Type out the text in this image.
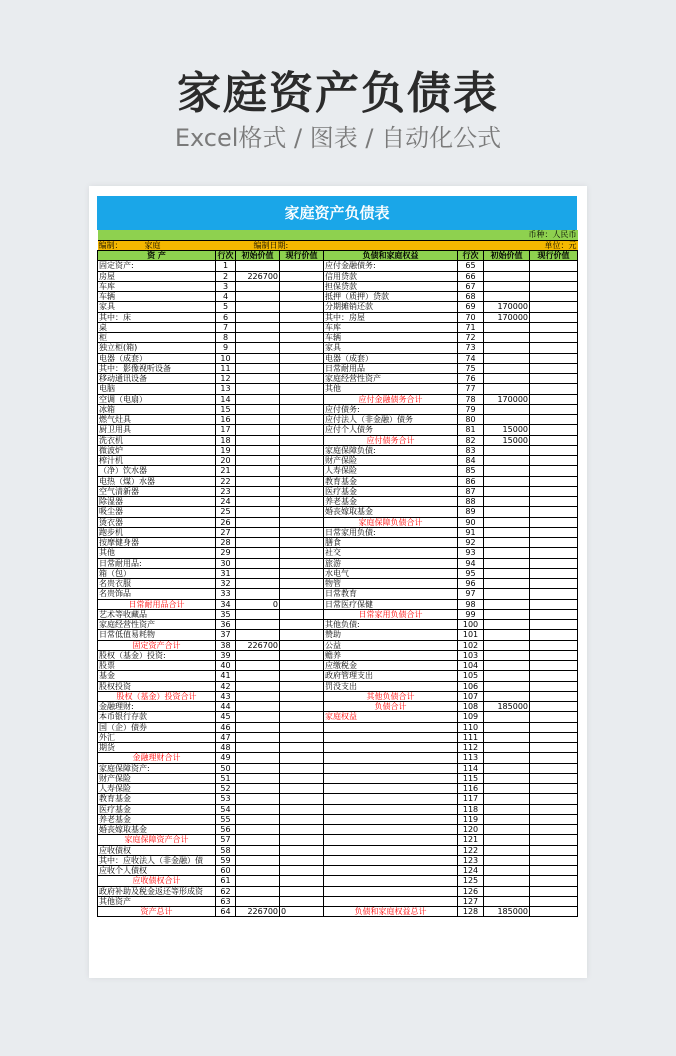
家庭资产负债表
Excel格式 / 图表 / 自动化公式
家庭资产负债表
币种：人民币							
编制： 家庭		编制日期:				单位：元	
资 产	行次	初始价值	现行价值	负债和家庭权益	行次	初始价值	现行价值
固定资产:	1			应付金融债务:	65		
房屋	2	226700		信用贷款	66		
车库	3			担保贷款	67		
车辆	4			抵押（质押）贷款	68		
家具	5			分期摊销还款	69	170000	
其中：床	6			其中：房屋	70	170000	
桌	7			车库	71		
柜	8			车辆	72		
独立柜(箱)	9			家具	73		
电器（成套）	10			电器（成套）	74		
其中：影像视听设备	11			日常耐用品	75		
移动通讯设备	12			家庭经营性资产	76		
电脑	13			其他	77		
空调（电扇）	14			应付金融债务合计	78	170000	
冰箱	15			应付债务:	79		
燃气灶具	16			应付法人（非金融）债务	80		
厨卫用具	17			应付个人债务	81	15000	
洗衣机	18			应付债务合计	82	15000	
微波炉	19			家庭保障负债:	83		
榨汁机	20			财产保险	84		
（净）饮水器	21			人寿保险	85		
电热（煤）水器	22			教育基金	86		
空气清新器	23			医疗基金	87		
除湿器	24			养老基金	88		
吸尘器	25			婚丧嫁取基金	89		
烫衣器	26			家庭保障负债合计	90		
跑步机	27			日常家用负债:	91		
按摩健身器	28			膳食	92		
其他	29			社交	93		
日常耐用品:	30			旅游	94		
箱（包）	31			水电气	95		
名贵衣服	32			物管	96		
名贵饰品	33			日常教育	97		
日常耐用品合计	34	0		日常医疗保健	98		
艺术等收藏品	35			日常家用负债合计	99		
家庭经营性资产	36			其他负债:	100		
日常低值易耗物	37			赞助	101		
固定资产合计	38	226700		公益	102		
股权（基金）投资:	39			赡养	103		
股票	40			应缴税金	104		
基金	41			政府管理支出	105		
股权投资	42			罚没支出	106		
股权（基金）投资合计	43			其他负债合计	107		
金融理财:	44			负债合计	108	185000	
本币银行存款	45			家庭权益	109		
国（企）债券	46				110		
外汇	47				111		
期货	48				112		
金融理财合计	49				113		
家庭保障资产:	50				114		
财产保险	51				115		
人寿保险	52				116		
教育基金	53				117		
医疗基金	54				118		
养老基金	55				119		
婚丧嫁取基金	56				120		
家庭保障资产合计	57				121		
应收债权	58				122		
其中：应收法人（非金融）债	59				123		
应收个人债权	60				124		
应收债权合计	61				125		
政府补助及税金返还等形成资	62				126		
其他资产	63				127		
资产总计	64	226700	0	负债和家庭权益总计	128	185000	
